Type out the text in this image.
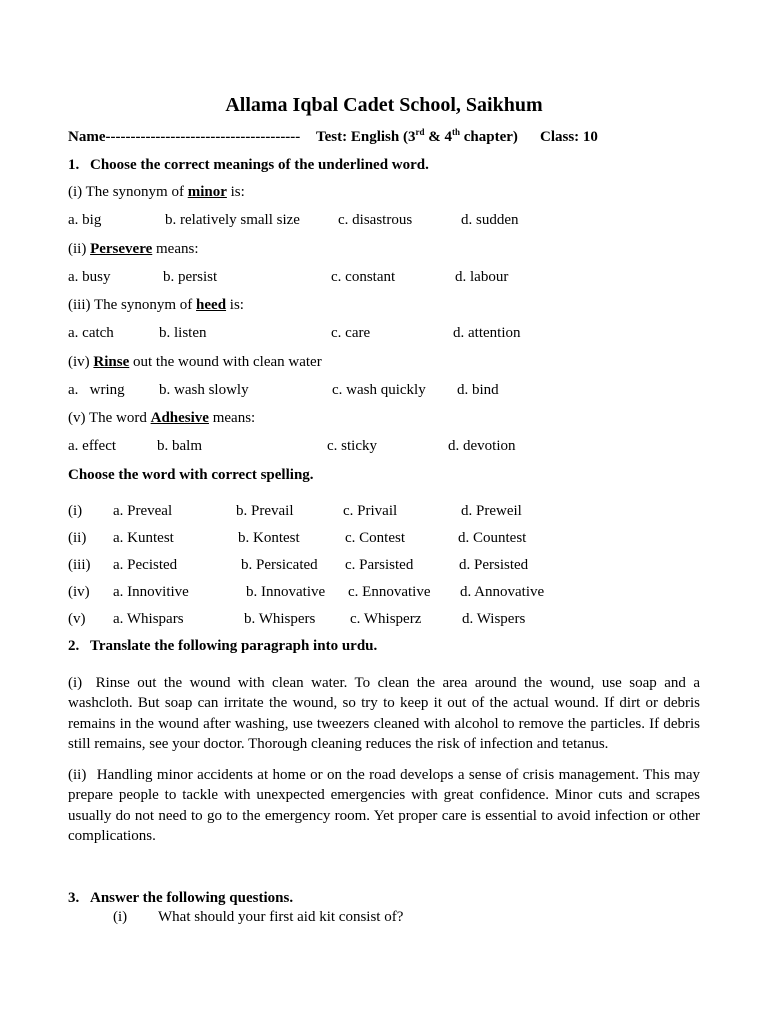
Allama Iqbal Cadet School, Saikhum
Name--------------------------------------- Test: English (3rd & 4th chapter) Class: 10
1. Choose the correct meanings of the underlined word.
(i) The synonym of minor is:
a. big	b. relatively small size	c. disastrous	d. sudden
(ii) Persevere means:
a. busy	b. persist	c. constant	d. labour
(iii) The synonym of heed is:
a. catch	b. listen	c. care	d. attention
(iv) Rinse out the wound with clean water
a.   wring b. wash slowly	c. wash quickly d. bind
(v) The word Adhesive means:
a. effect	b. balm	c. sticky	d. devotion
Choose the word with correct spelling.
(i) a. Preveal	b. Prevail	c. Privail	d. Preweil
(ii) a. Kuntest	b. Kontest	c. Contest	d. Countest
(iii) a. Pecisted	b. Persicated c. Parsisted	d. Persisted
(iv) a. Innovitive	b. Innovative c. Ennovative d. Annovative
(v) a. Whispars	b. Whispers c. Whisperz	d. Wispers
2. Translate the following paragraph into urdu.

(i) Rinse out the wound with clean water. To clean the area around the wound, use soap and a washcloth. But soap can irritate the wound, so try to keep it out of the actual wound. If dirt or debris remains in the wound after washing, use tweezers cleaned with alcohol to remove the particles. If debris still remains, see your doctor. Thorough cleaning reduces the risk of infection and tetanus.

(ii) Handling minor accidents at home or on the road develops a sense of crisis management. This may prepare people to tackle with unexpected emergencies with great confidence. Minor cuts and scrapes usually do not need to go to the emergency room. Yet proper care is essential to avoid infection or other complications.

3. Answer the following questions.
(i) What should your first aid kit consist of?
